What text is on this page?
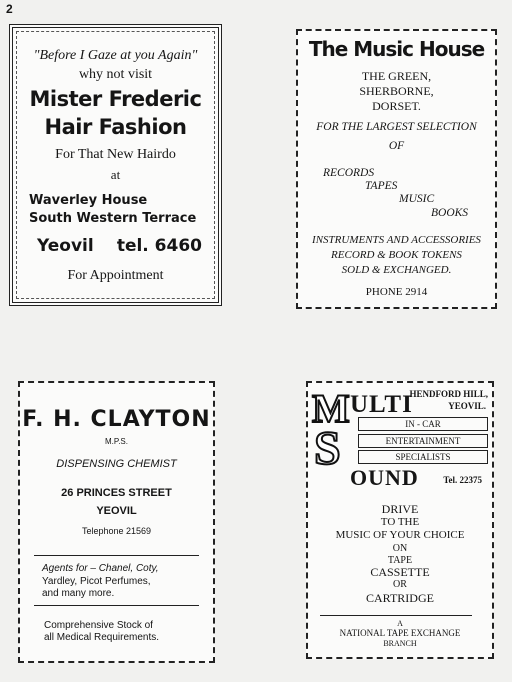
2
"Before I Gaze at you Again"
why not visit
Mister Frederic
Hair Fashion
For That New Hairdo
at
Waverley House
South Western Terrace
Yeovil	tel. 6460
For Appointment
The Music House
THE GREEN,
SHERBORNE,
DORSET.
FOR THE LARGEST SELECTION
OF
RECORDS
TAPES
MUSIC
BOOKS
INSTRUMENTS AND ACCESSORIES
RECORD & BOOK TOKENS
SOLD & EXCHANGED.
PHONE 2914
F. H. CLAYTON
M.P.S.
DISPENSING CHEMIST
26 PRINCES STREET
YEOVIL
Telephone 21569
Agents for – Chanel, Coty,
Yardley, Picot Perfumes,
and many more.
Comprehensive Stock of
all Medical Requirements.
M ULTI
HENDFORD HILL,
YEOVIL.
IN - CAR
ENTERTAINMENT
SPECIALISTS
S
OUND	Tel. 22375
DRIVE
TO THE
MUSIC OF YOUR CHOICE
ON
TAPE
CASSETTE
OR
CARTRIDGE
A
NATIONAL TAPE EXCHANGE
BRANCH
